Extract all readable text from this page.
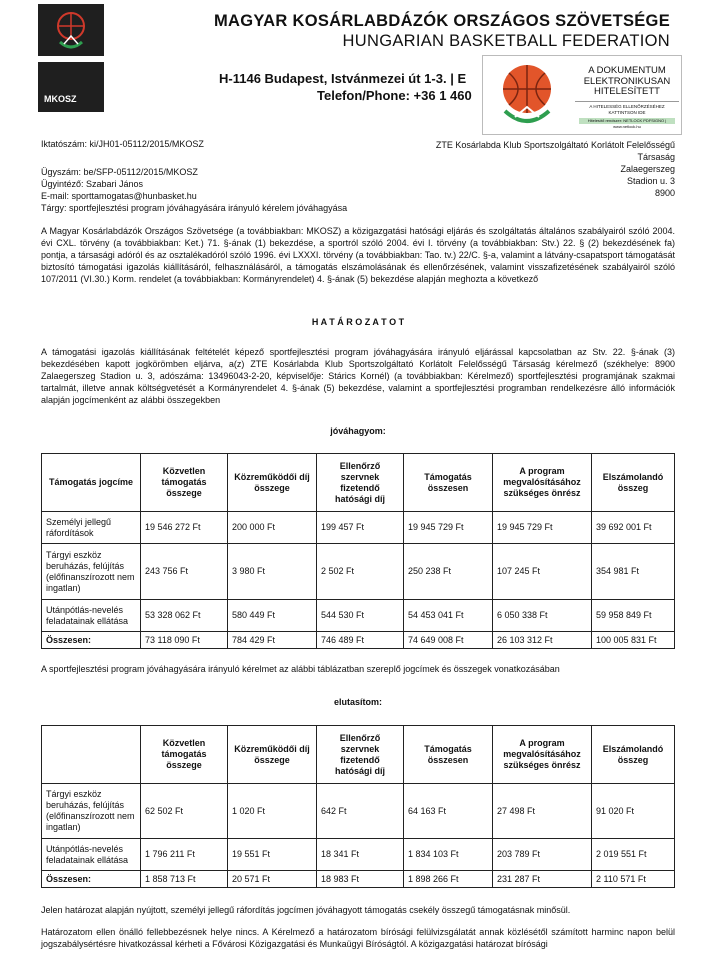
MKOSZ
MAGYAR KOSÁRLABDÁZÓK ORSZÁGOS SZÖVETSÉGE
HUNGARIAN BASKETBALL FEDERATION
H-1146 Budapest, Istvánmezei út 1-3. | E
Telefon/Phone: +36 1 460
A DOKUMENTUM
ELEKTRONIKUSAN
HITELESÍTETT
A HITELESSÉG ELLENŐRZÉSÉHEZ KATTINTSON IDE
Hitelesítő rendszer: NETLOCK PDFSIGNO | www.netlock.hu
Iktatószám: ki/JH01-05112/2015/MKOSZ
Ügyszám: be/SFP-05112/2015/MKOSZ
Ügyintéző: Szabari János
E-mail: sporttamogatas@hunbasket.hu
Tárgy: sportfejlesztési program jóváhagyására irányuló kérelem jóváhagyása
ZTE Kosárlabda Klub Sportszolgáltató Korlátolt Felelősségű
Társaság
Zalaegerszeg
Stadion u. 3
8900
A Magyar Kosárlabdázók Országos Szövetsége (a továbbiakban: MKOSZ) a közigazgatási hatósági eljárás és szolgáltatás általános szabályairól szóló 2004. évi CXL. törvény (a továbbiakban: Ket.) 71. §-ának (1) bekezdése, a sportról szóló 2004. évi I. törvény (a továbbiakban: Stv.) 22. § (2) bekezdésének fa) pontja, a társasági adóról és az osztalékadóról szóló 1996. évi LXXXI. törvény (a továbbiakban: Tao. tv.) 22/C. §-a, valamint a látvány-csapatsport támogatását biztosító támogatási igazolás kiállításáról, felhasználásáról, a támogatás elszámolásának és ellenőrzésének, valamint visszafizetésének szabályairól szóló 107/2011 (VI.30.) Korm. rendelet (a továbbiakban: Kormányrendelet) 4. §-ának (5) bekezdése alapján meghozta a következő
H A T Á R O Z A T O T
A támogatási igazolás kiállításának feltételét képező sportfejlesztési program jóváhagyására irányuló eljárással kapcsolatban az Stv. 22. §-ának (3) bekezdésében kapott jogkörömben eljárva, a(z) ZTE Kosárlabda Klub Sportszolgáltató Korlátolt Felelősségű Társaság kérelmező (székhelye: 8900 Zalaegerszeg Stadion u. 3, adószáma: 13496043-2-20, képviselője: Stárics Kornél) (a továbbiakban: Kérelmező) sportfejlesztési programjának szakmai tartalmát, illetve annak költségvetését a Kormányrendelet 4. §-ának (5) bekezdése, valamint a sportfejlesztési programban rendelkezésre álló információk alapján jogcímenként az alábbi összegekben
jóváhagyom:
Támogatás jogcíme	Közvetlen támogatás összege	Közreműködői díj összege	Ellenőrző szervnek fizetendő hatósági díj	Támogatás összesen	A program megvalósításához szükséges önrész	Elszámolandó összeg
Személyi jellegű ráfordítások	19 546 272 Ft	200 000 Ft	199 457 Ft	19 945 729 Ft	19 945 729 Ft	39 692 001 Ft
Tárgyi eszköz beruházás, felújítás (előfinanszírozott nem ingatlan)	243 756 Ft	3 980 Ft	2 502 Ft	250 238 Ft	107 245 Ft	354 981 Ft
Utánpótlás-nevelés feladatainak ellátása	53 328 062 Ft	580 449 Ft	544 530 Ft	54 453 041 Ft	6 050 338 Ft	59 958 849 Ft
Összesen:	73 118 090 Ft	784 429 Ft	746 489 Ft	74 649 008 Ft	26 103 312 Ft	100 005 831 Ft
A sportfejlesztési program jóváhagyására irányuló kérelmet az alábbi táblázatban szereplő jogcímek és összegek vonatkozásában
elutasítom:
	Közvetlen támogatás összege	Közreműködői díj összege	Ellenőrző szervnek fizetendő hatósági díj	Támogatás összesen	A program megvalósításához szükséges önrész	Elszámolandó összeg
Tárgyi eszköz beruházás, felújítás (előfinanszírozott nem ingatlan)	62 502 Ft	1 020 Ft	642 Ft	64 163 Ft	27 498 Ft	91 020 Ft
Utánpótlás-nevelés feladatainak ellátása	1 796 211 Ft	19 551 Ft	18 341 Ft	1 834 103 Ft	203 789 Ft	2 019 551 Ft
Összesen:	1 858 713 Ft	20 571 Ft	18 983 Ft	1 898 266 Ft	231 287 Ft	2 110 571 Ft
Jelen határozat alapján nyújtott, személyi jellegű ráfordítás jogcímen jóváhagyott támogatás csekély összegű támogatásnak minősül.
Határozatom ellen önálló fellebbezésnek helye nincs. A Kérelmező a határozatom bírósági felülvizsgálatát annak közlésétől számított harminc napon belül jogszabálysértésre hivatkozással kérheti a Fővárosi Közigazgatási és Munkaügyi Bíróságtól. A közigazgatási határozat bírósági
